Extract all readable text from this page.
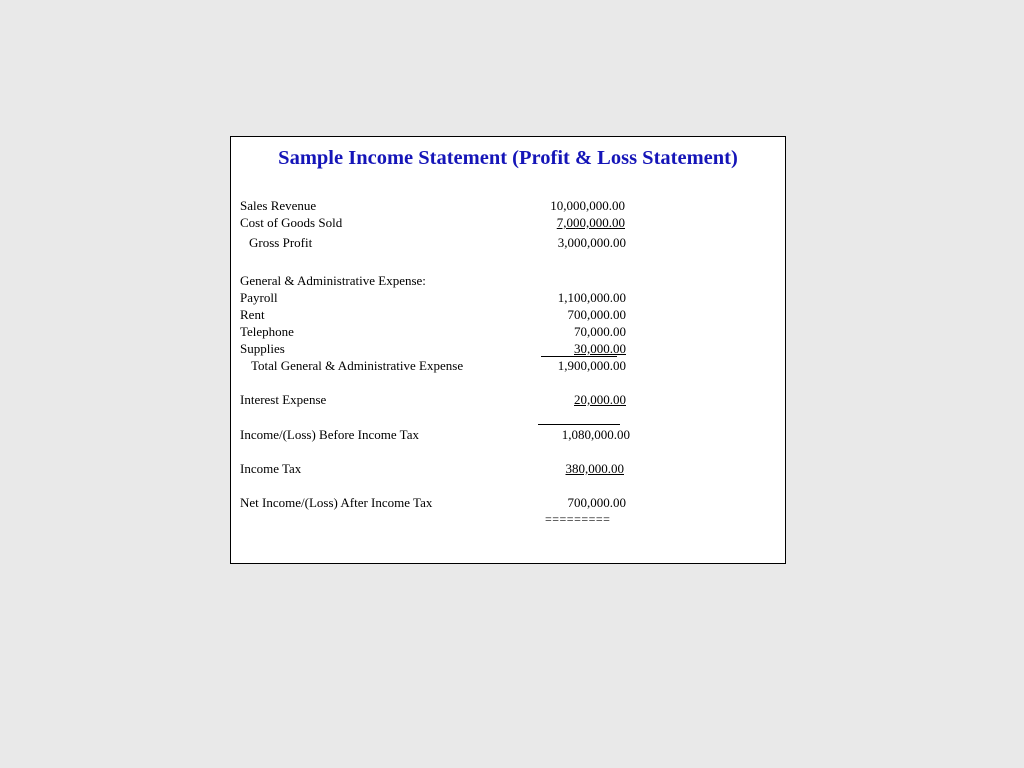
Sample Income Statement (Profit & Loss Statement)
Sales Revenue	10,000,000.00
Cost of Goods Sold	7,000,000.00
Gross Profit	3,000,000.00
General & Administrative Expense:
Payroll	1,100,000.00
Rent	700,000.00
Telephone	70,000.00
Supplies	30,000.00
Total General & Administrative Expense	1,900,000.00
Interest Expense	20,000.00
Income/(Loss) Before Income Tax	1,080,000.00
Income Tax	380,000.00
Net Income/(Loss) After Income Tax	700,000.00
=========
